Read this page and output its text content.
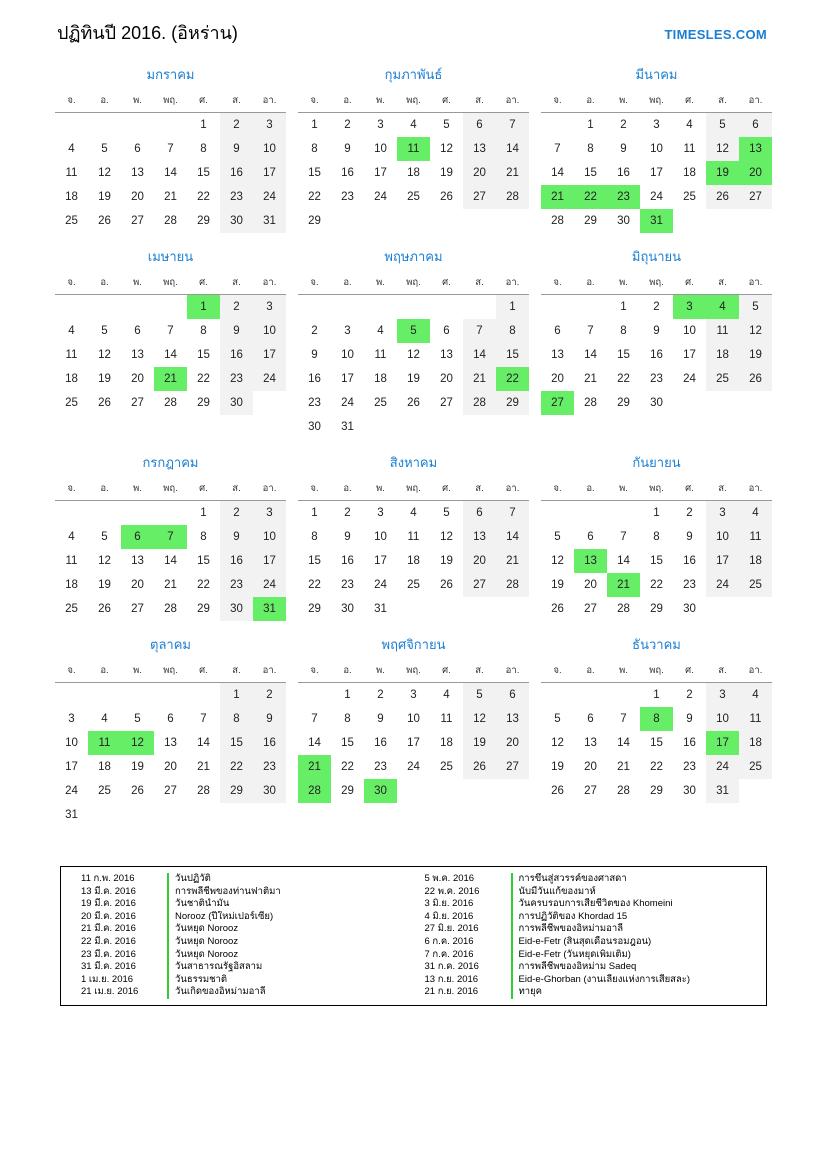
ปฏิทินปี 2016. (อิหร่าน)	TIMESLES.COM
มกราคม
จ.	อ.	พ.	พฤ.	ศ.	ส.	อา.
				1	2	3
4	5	6	7	8	9	10
11	12	13	14	15	16	17
18	19	20	21	22	23	24
25	26	27	28	29	30	31
กุมภาพันธ์
จ.	อ.	พ.	พฤ.	ศ.	ส.	อา.
1	2	3	4	5	6	7
8	9	10	11	12	13	14
15	16	17	18	19	20	21
22	23	24	25	26	27	28
29						
มีนาคม
จ.	อ.	พ.	พฤ.	ศ.	ส.	อา.
	1	2	3	4	5	6
7	8	9	10	11	12	13
14	15	16	17	18	19	20
21	22	23	24	25	26	27
28	29	30	31			
เมษายน
จ.	อ.	พ.	พฤ.	ศ.	ส.	อา.
				1	2	3
4	5	6	7	8	9	10
11	12	13	14	15	16	17
18	19	20	21	22	23	24
25	26	27	28	29	30	
พฤษภาคม
จ.	อ.	พ.	พฤ.	ศ.	ส.	อา.
						1
2	3	4	5	6	7	8
9	10	11	12	13	14	15
16	17	18	19	20	21	22
23	24	25	26	27	28	29
30	31					
มิถุนายน
จ.	อ.	พ.	พฤ.	ศ.	ส.	อา.
		1	2	3	4	5
6	7	8	9	10	11	12
13	14	15	16	17	18	19
20	21	22	23	24	25	26
27	28	29	30			
กรกฎาคม
จ.	อ.	พ.	พฤ.	ศ.	ส.	อา.
				1	2	3
4	5	6	7	8	9	10
11	12	13	14	15	16	17
18	19	20	21	22	23	24
25	26	27	28	29	30	31
สิงหาคม
จ.	อ.	พ.	พฤ.	ศ.	ส.	อา.
1	2	3	4	5	6	7
8	9	10	11	12	13	14
15	16	17	18	19	20	21
22	23	24	25	26	27	28
29	30	31				
กันยายน
จ.	อ.	พ.	พฤ.	ศ.	ส.	อา.
			1	2	3	4
5	6	7	8	9	10	11
12	13	14	15	16	17	18
19	20	21	22	23	24	25
26	27	28	29	30		
ตุลาคม
จ.	อ.	พ.	พฤ.	ศ.	ส.	อา.
					1	2
3	4	5	6	7	8	9
10	11	12	13	14	15	16
17	18	19	20	21	22	23
24	25	26	27	28	29	30
31						
พฤศจิกายน
จ.	อ.	พ.	พฤ.	ศ.	ส.	อา.
	1	2	3	4	5	6
7	8	9	10	11	12	13
14	15	16	17	18	19	20
21	22	23	24	25	26	27
28	29	30				
ธันวาคม
จ.	อ.	พ.	พฤ.	ศ.	ส.	อา.
			1	2	3	4
5	6	7	8	9	10	11
12	13	14	15	16	17	18
19	20	21	22	23	24	25
26	27	28	29	30	31	
11 ก.พ. 2016	วันปฏิวัติ
13 มี.ค. 2016	การพลีชีพของท่านฟาติมา
19 มี.ค. 2016	วันชาติน้ำมัน
20 มี.ค. 2016	Norooz (ปีใหม่เปอร์เซีย)
21 มี.ค. 2016	วันหยุด Norooz
22 มี.ค. 2016	วันหยุด Norooz
23 มี.ค. 2016	วันหยุด Norooz
31 มี.ค. 2016	วันสาธารณรัฐอิสลาม
1 เม.ย. 2016	วันธรรมชาติ
21 เม.ย. 2016	วันเกิดของอิหม่ามอาลี
5 พ.ค. 2016	การขึ้นสู่สวรรค์ของศาสดา
22 พ.ค. 2016	นับมีวันแก้ของมาห์
3 มิ.ย. 2016	วันครบรอบการเสียชีวิตของ Khomeini
4 มิ.ย. 2016	การปฏิวัติของ Khordad 15
27 มิ.ย. 2016	การพลีชีพของอิหม่ามอาลี
6 ก.ค. 2016	Eid-e-Fetr (สิ้นสุดเดือนรอมฎอน)
7 ก.ค. 2016	Eid-e-Fetr (วันหยุดเพิ่มเติม)
31 ก.ค. 2016	การพลีชีพของอิหม่าม Sadeq
13 ก.ย. 2016	Eid-e-Ghorban (งานเลี้ยงแห่งการเสียสละ)
21 ก.ย. 2016	ทายุค
